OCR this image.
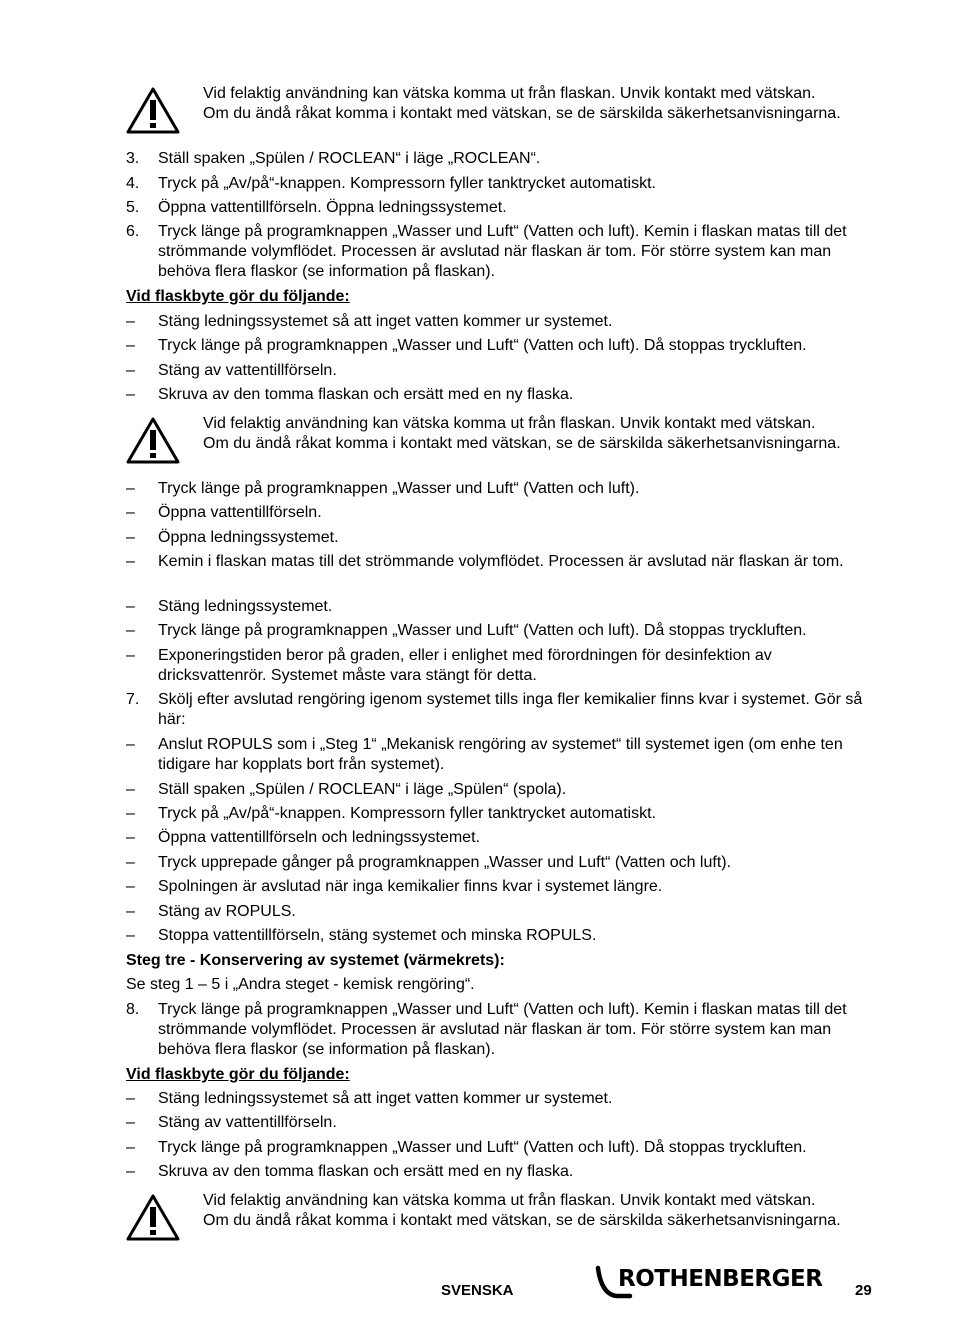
Vid felaktig användning kan vätska komma ut från flaskan. Unvik kontakt med vätskan. Om du ändå råkat komma i kontakt med vätskan, se de särskilda säkerhetsanvisningarna.
3.	Ställ spaken „Spülen / ROCLEAN“ i läge „ROCLEAN“.
4.	Tryck på „Av/på“-knappen. Kompressorn fyller tanktrycket automatiskt.
5.	Öppna vattentillförseln. Öppna ledningssystemet.
6.	Tryck länge på programknappen „Wasser und Luft“ (Vatten och luft). Kemin i flaskan matas till det strömmande volymflödet. Processen är avslutad när flaskan är tom. För större system kan man behöva flera flaskor (se information på flaskan).
Vid flaskbyte gör du följande:
–	Stäng ledningssystemet så att inget vatten kommer ur systemet.
–	Tryck länge på programknappen „Wasser und Luft“ (Vatten och luft). Då stoppas tryckluften.
–	Stäng av vattentillförseln.
–	Skruva av den tomma flaskan och ersätt med en ny flaska.
Vid felaktig användning kan vätska komma ut från flaskan. Unvik kontakt med vätskan. Om du ändå råkat komma i kontakt med vätskan, se de särskilda säkerhetsanvisningarna.
–	Tryck länge på programknappen „Wasser und Luft“ (Vatten och luft).
–	Öppna vattentillförseln.
–	Öppna ledningssystemet.
–	Kemin i flaskan matas till det strömmande volymflödet. Processen är avslutad när flaskan är tom.
–	Stäng ledningssystemet.
–	Tryck länge på programknappen „Wasser und Luft“ (Vatten och luft). Då stoppas tryckluften.
–	Exponeringstiden beror på graden, eller i enlighet med förordningen för desinfektion av dricksvattenrör. Systemet måste vara stängt för detta.
7.	Skölj efter avslutad rengöring igenom systemet tills inga fler kemikalier finns kvar i systemet. Gör så här:
–	Anslut ROPULS som i „Steg 1“ „Mekanisk rengöring av systemet“ till systemet igen (om enhe ten tidigare har kopplats bort från systemet).
–	Ställ spaken „Spülen / ROCLEAN“ i läge „Spülen“ (spola).
–	Tryck på „Av/på“-knappen. Kompressorn fyller tanktrycket automatiskt.
–	Öppna vattentillförseln och ledningssystemet.
–	Tryck upprepade gånger på programknappen „Wasser und Luft“ (Vatten och luft).
–	Spolningen är avslutad när inga kemikalier finns kvar i systemet längre.
–	Stäng av ROPULS.
–	Stoppa vattentillförseln, stäng systemet och minska ROPULS.
Steg tre - Konservering av systemet (värmekrets):
Se steg 1 – 5 i „Andra steget - kemisk rengöring“.
8.	Tryck länge på programknappen „Wasser und Luft“ (Vatten och luft). Kemin i flaskan matas till det strömmande volymflödet. Processen är avslutad när flaskan är tom. För större system kan man behöva flera flaskor (se information på flaskan).
Vid flaskbyte gör du följande:
–	Stäng ledningssystemet så att inget vatten kommer ur systemet.
–	Stäng av vattentillförseln.
–	Tryck länge på programknappen „Wasser und Luft“ (Vatten och luft). Då stoppas tryckluften.
–	Skruva av den tomma flaskan och ersätt med en ny flaska.
Vid felaktig användning kan vätska komma ut från flaskan. Unvik kontakt med vätskan. Om du ändå råkat komma i kontakt med vätskan, se de särskilda säkerhetsanvisningarna.
SVENSKA	ROTHENBERGER 29
